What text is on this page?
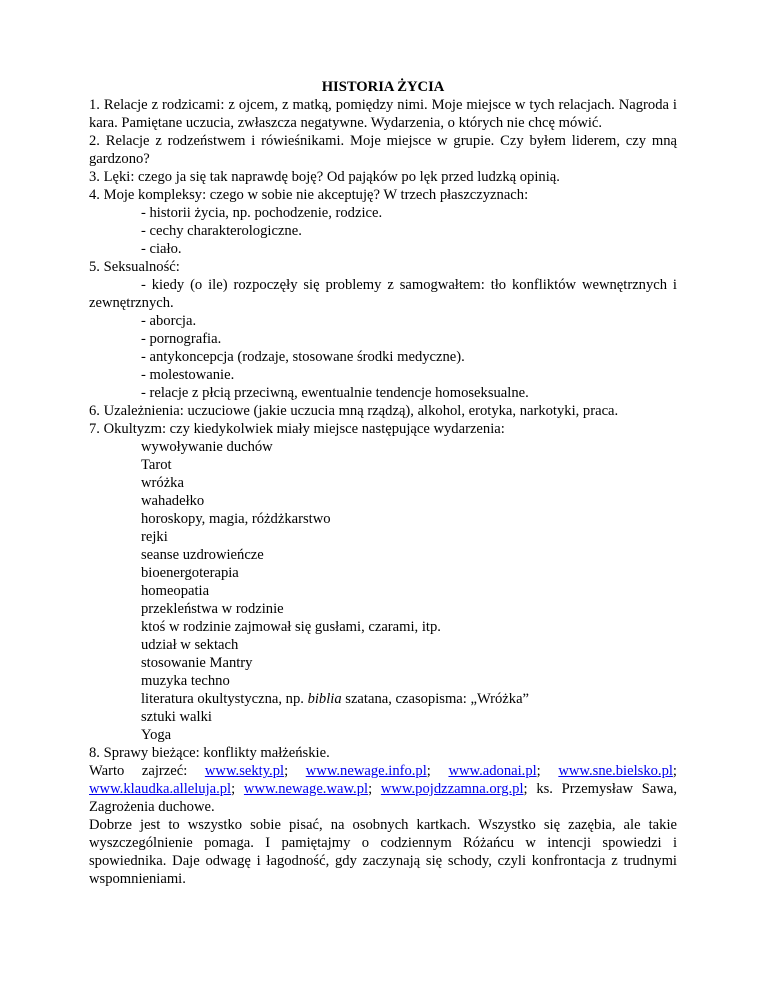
HISTORIA ŻYCIA

1. Relacje z rodzicami: z ojcem, z matką, pomiędzy nimi. Moje miejsce w tych relacjach. Nagroda i kara. Pamiętane uczucia, zwłaszcza negatywne. Wydarzenia, o których nie chcę mówić.

2. Relacje z rodzeństwem i rówieśnikami. Moje miejsce w grupie. Czy byłem liderem, czy mną gardzono?

3. Lęki: czego ja się tak naprawdę boję? Od pająków po lęk przed ludzką opinią.

4. Moje kompleksy: czego w sobie nie akceptuję? W trzech płaszczyznach:

- historii życia, np. pochodzenie, rodzice.

- cechy charakterologiczne.

- ciało.

5. Seksualność:

- kiedy (o ile) rozpoczęły się problemy z samogwałtem: tło konfliktów wewnętrznych i zewnętrznych.

- aborcja.

- pornografia.

- antykoncepcja (rodzaje, stosowane środki medyczne).

- molestowanie.

- relacje z płcią przeciwną, ewentualnie tendencje homoseksualne.

6. Uzależnienia: uczuciowe (jakie uczucia mną rządzą), alkohol, erotyka, narkotyki, praca.

7. Okultyzm: czy kiedykolwiek miały miejsce następujące wydarzenia:

wywoływanie duchów

Tarot

wróżka

wahadełko

horoskopy, magia, różdżkarstwo

rejki

seanse uzdrowieńcze

bioenergoterapia

homeopatia

przekleństwa w rodzinie

ktoś w rodzinie zajmował się gusłami, czarami, itp.

udział w sektach

stosowanie Mantry

muzyka techno

literatura okultystyczna, np. biblia szatana, czasopisma: „Wróżka”

sztuki walki

Yoga

8. Sprawy bieżące: konflikty małżeńskie.

Warto zajrzeć: www.sekty.pl; www.newage.info.pl; www.adonai.pl; www.sne.bielsko.pl; www.klaudka.alleluja.pl; www.newage.waw.pl; www.pojdzzamna.org.pl; ks. Przemysław Sawa, Zagrożenia duchowe.

Dobrze jest to wszystko sobie pisać, na osobnych kartkach. Wszystko się zazębia, ale takie wyszczególnienie pomaga. I pamiętajmy o codziennym Różańcu w intencji spowiedzi i spowiednika. Daje odwagę i łagodność, gdy zaczynają się schody, czyli konfrontacja z trudnymi wspomnieniami.
